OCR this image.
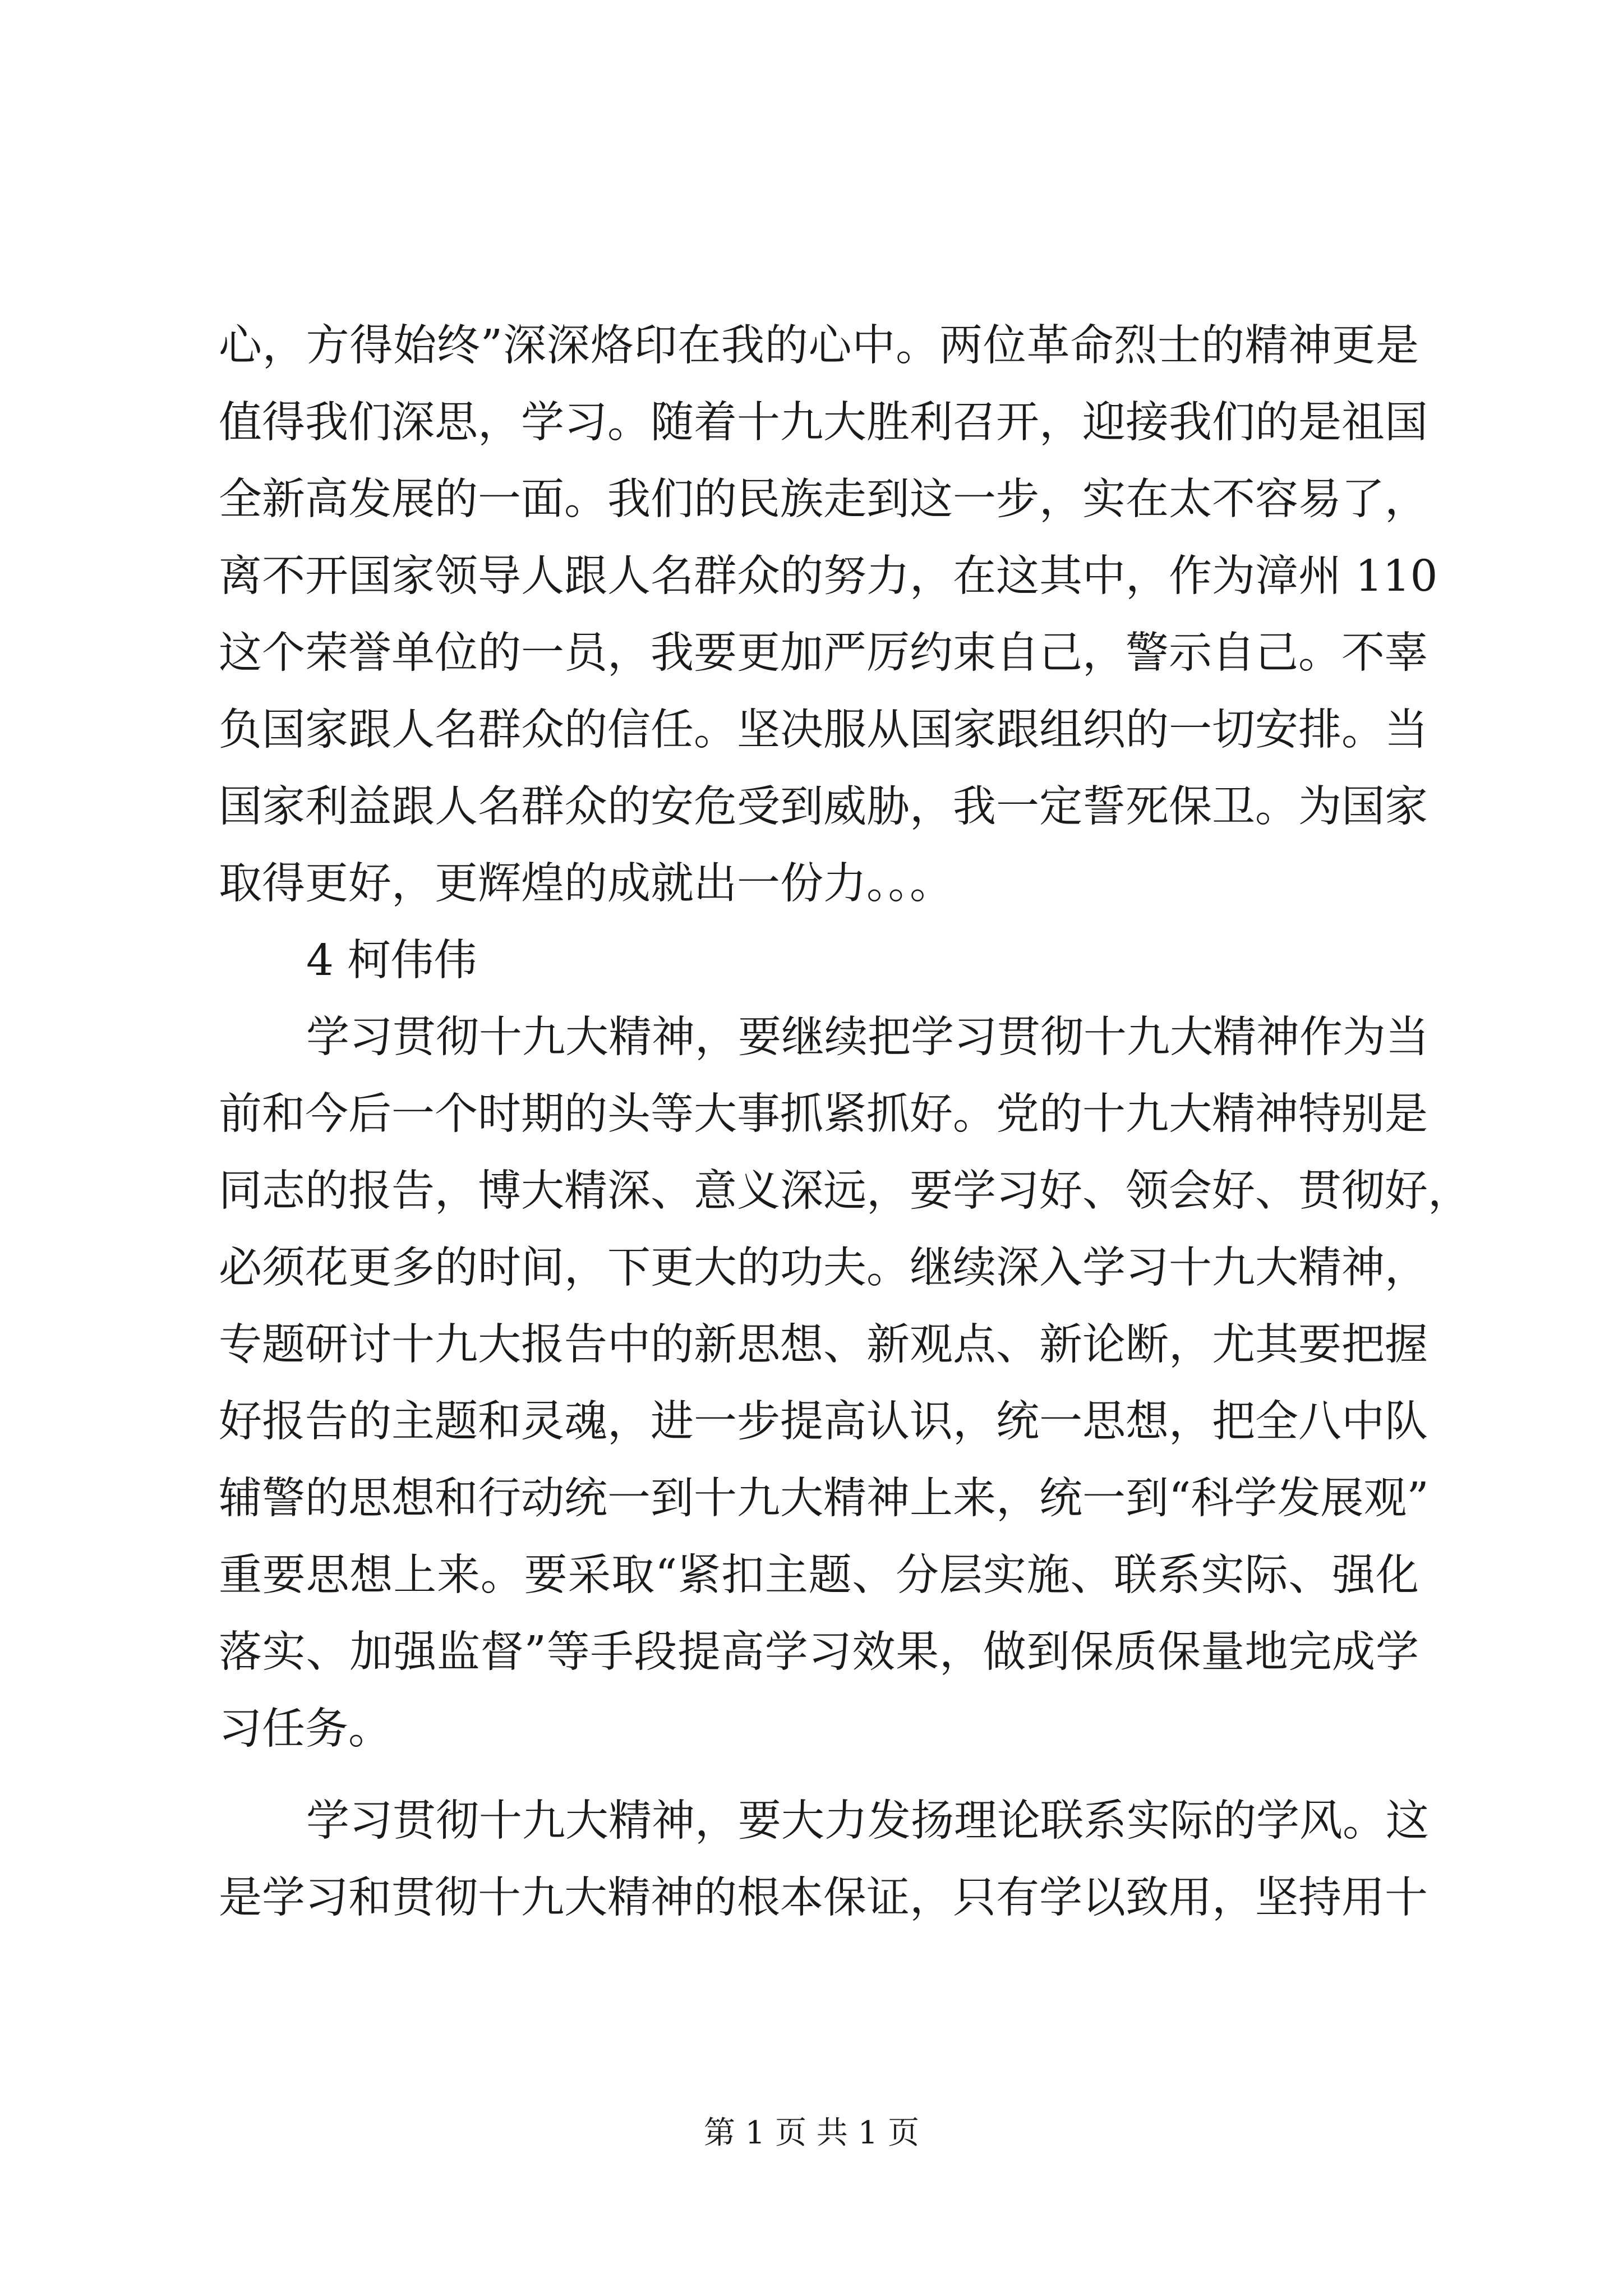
心，方得始终”深深烙印在我的心中。两位革命烈士的精神更是
值得我们深思，学习。随着十九大胜利召开，迎接我们的是祖国
全新高发展的一面。我们的民族走到这一步，实在太不容易了，
离不开国家领导人跟人名群众的努力，在这其中，作为漳州 110
这个荣誉单位的一员，我要更加严厉约束自己，警示自己。不辜
负国家跟人名群众的信任。坚决服从国家跟组织的一切安排。当
国家利益跟人名群众的安危受到威胁，我一定誓死保卫。为国家
取得更好，更辉煌的成就出一份力。。。
4 柯伟伟
学习贯彻十九大精神，要继续把学习贯彻十九大精神作为当
前和今后一个时期的头等大事抓紧抓好。党的十九大精神特别是
同志的报告，博大精深、意义深远，要学习好、领会好、贯彻好，
必须花更多的时间，下更大的功夫。继续深入学习十九大精神，
专题研讨十九大报告中的新思想、新观点、新论断，尤其要把握
好报告的主题和灵魂，进一步提高认识，统一思想，把全八中队
辅警的思想和行动统一到十九大精神上来，统一到“科学发展观”
重要思想上来。要采取“紧扣主题、分层实施、联系实际、强化
落实、加强监督”等手段提高学习效果，做到保质保量地完成学
习任务。
学习贯彻十九大精神，要大力发扬理论联系实际的学风。这
是学习和贯彻十九大精神的根本保证，只有学以致用，坚持用十
第 1 页 共 1 页
